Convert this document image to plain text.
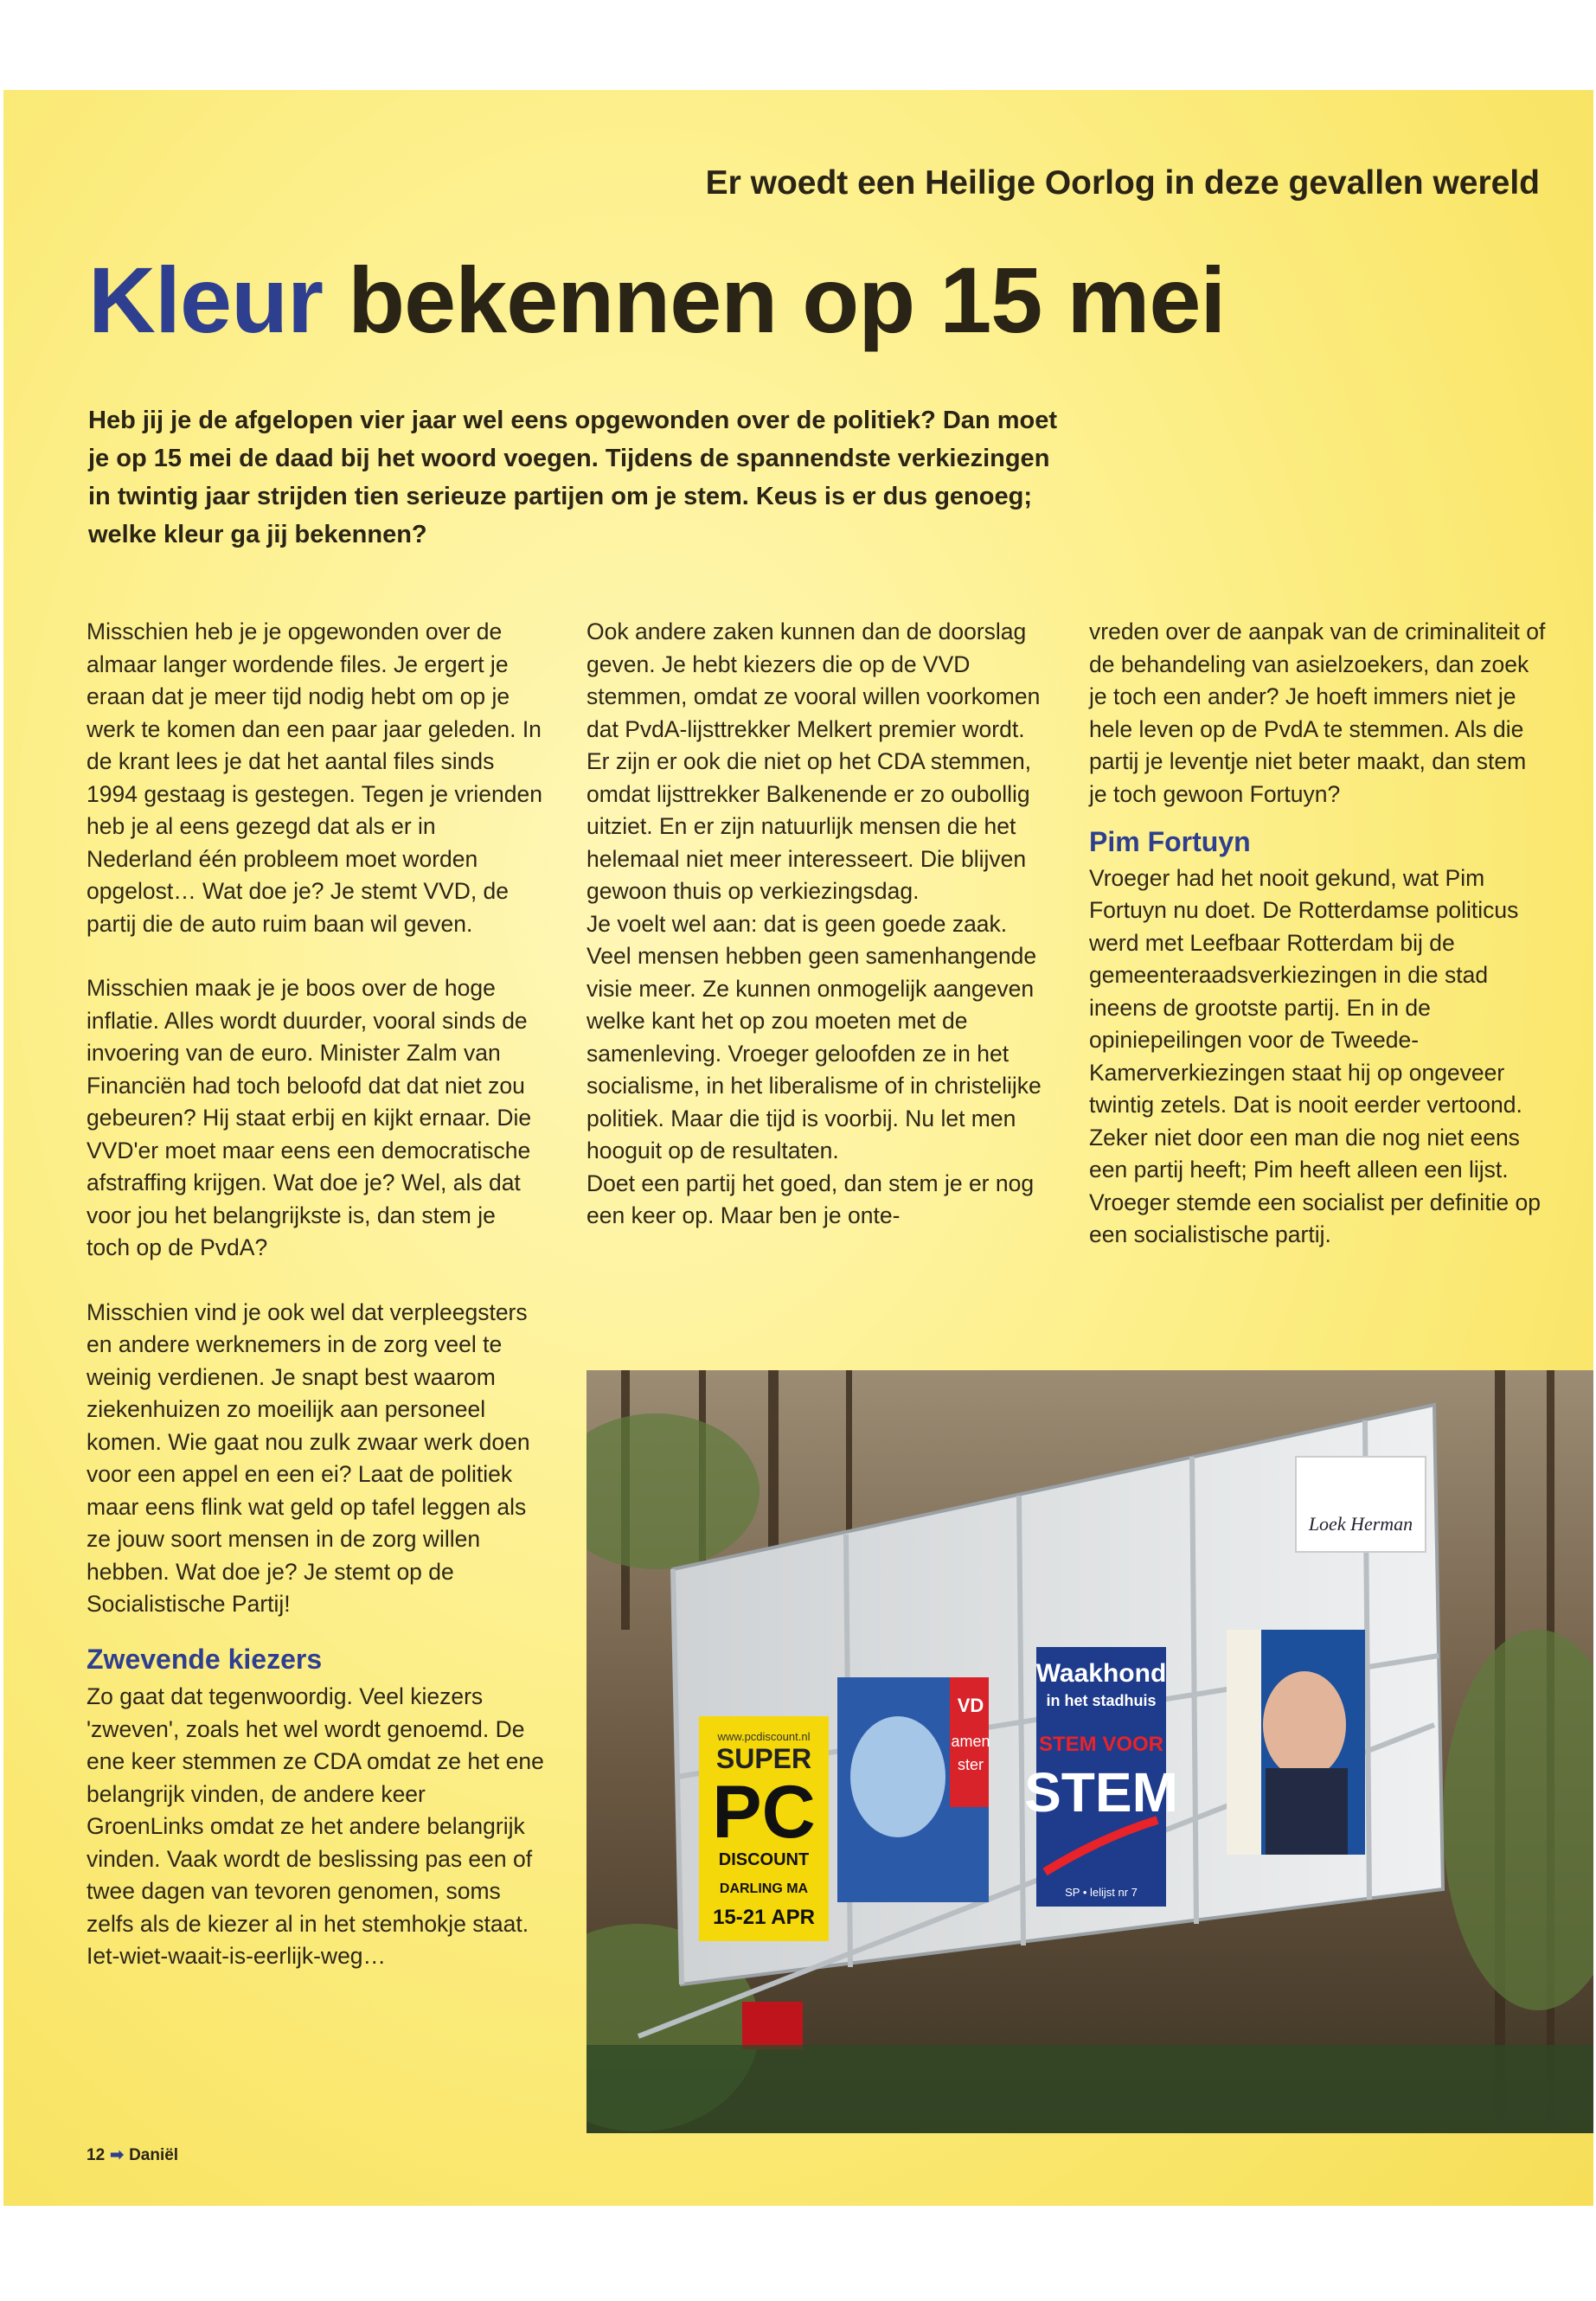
Er woedt een Heilige Oorlog in deze gevallen wereld
Kleur bekennen op 15 mei

Heb jij je de afgelopen vier jaar wel eens opgewonden over de politiek? Dan moet je op 15 mei de daad bij het woord voegen. Tijdens de spannendste verkiezingen in twintig jaar strijden tien serieuze partijen om je stem. Keus is er dus genoeg; welke kleur ga jij bekennen?

Misschien heb je je opgewonden over de almaar langer wordende files. Je ergert je eraan dat je meer tijd nodig hebt om op je werk te komen dan een paar jaar geleden. In de krant lees je dat het aantal files sinds 1994 gestaag is gestegen. Tegen je vrienden heb je al eens gezegd dat als er in Nederland één probleem moet worden opgelost… Wat doe je? Je stemt VVD, de partij die de auto ruim baan wil geven.

Misschien maak je je boos over de hoge inflatie. Alles wordt duurder, vooral sinds de invoering van de euro. Minister Zalm van Financiën had toch beloofd dat dat niet zou gebeuren? Hij staat erbij en kijkt ernaar. Die VVD'er moet maar eens een democratische afstraffing krijgen. Wat doe je? Wel, als dat voor jou het belangrijkste is, dan stem je toch op de PvdA?

Misschien vind je ook wel dat verpleegsters en andere werknemers in de zorg veel te weinig verdienen. Je snapt best waarom ziekenhuizen zo moeilijk aan personeel komen. Wie gaat nou zulk zwaar werk doen voor een appel en een ei? Laat de politiek maar eens flink wat geld op tafel leggen als ze jouw soort mensen in de zorg willen hebben. Wat doe je? Je stemt op de Socialistische Partij!

Zwevende kiezers

Zo gaat dat tegenwoordig. Veel kiezers 'zweven', zoals het wel wordt genoemd. De ene keer stemmen ze CDA omdat ze het ene belangrijk vinden, de andere keer GroenLinks omdat ze het andere belangrijk vinden. Vaak wordt de beslissing pas een of twee dagen van tevoren genomen, soms zelfs als de kiezer al in het stemhokje staat. Iet-wiet-waait-is-eerlijk-weg…

Ook andere zaken kunnen dan de doorslag geven. Je hebt kiezers die op de VVD stemmen, omdat ze vooral willen voorkomen dat PvdA-lijsttrekker Melkert premier wordt. Er zijn er ook die niet op het CDA stemmen, omdat lijsttrekker Balkenende er zo oubollig uitziet. En er zijn natuurlijk mensen die het helemaal niet meer interesseert. Die blijven gewoon thuis op verkiezingsdag.

Je voelt wel aan: dat is geen goede zaak. Veel mensen hebben geen samenhangende visie meer. Ze kunnen onmogelijk aangeven welke kant het op zou moeten met de samenleving. Vroeger geloofden ze in het socialisme, in het liberalisme of in christelijke politiek. Maar die tijd is voorbij. Nu let men hooguit op de resultaten.

Doet een partij het goed, dan stem je er nog een keer op. Maar ben je onte-

vreden over de aanpak van de criminaliteit of de behandeling van asielzoekers, dan zoek je toch een ander? Je hoeft immers niet je hele leven op de PvdA te stemmen. Als die partij je leventje niet beter maakt, dan stem je toch gewoon Fortuyn?

Pim Fortuyn

Vroeger had het nooit gekund, wat Pim Fortuyn nu doet. De Rotterdamse politicus werd met Leefbaar Rotterdam bij de gemeenteraadsverkiezingen in die stad ineens de grootste partij. En in de opiniepeilingen voor de Tweede-Kamerverkiezingen staat hij op ongeveer twintig zetels. Dat is nooit eerder vertoond. Zeker niet door een man die nog niet eens een partij heeft; Pim heeft alleen een lijst.

Vroeger stemde een socialist per definitie op een socialistische partij.

www.pcdiscount.nl
SUPER
PC
DISCOUNT
DARLING MA
15-21 APR
VD
amen
ster
Waakhond
in het stadhuis
STEM VOOR
STEM
SP • lelijst nr 7
Loek Herman
12 ➡ Daniël
